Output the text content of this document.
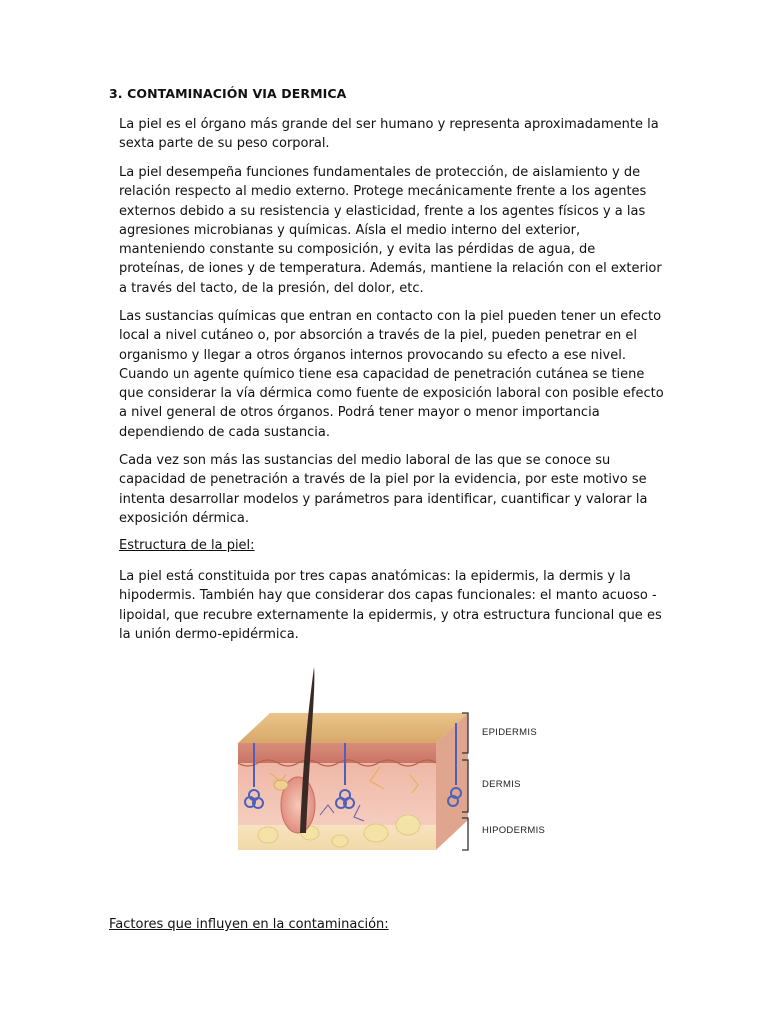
3. CONTAMINACIÓN VIA DERMICA

La piel es el órgano más grande del ser humano y representa aproximadamente la sexta parte de su peso corporal.

La piel desempeña funciones fundamentales de protección, de aislamiento y de relación respecto al medio externo. Protege mecánicamente frente a los agentes externos debido a su resistencia y elasticidad, frente a los agentes físicos y a las agresiones microbianas y químicas. Aísla el medio interno del exterior, manteniendo constante su composición, y evita las pérdidas de agua, de proteínas, de iones y de temperatura. Además, mantiene la relación con el exterior a través del tacto, de la presión, del dolor, etc.

Las sustancias químicas que entran en contacto con la piel pueden tener un efecto local a nivel cutáneo o, por absorción a través de la piel, pueden penetrar en el organismo y llegar a otros órganos internos provocando su efecto a ese nivel. Cuando un agente químico tiene esa capacidad de penetración cutánea se tiene que considerar la vía dérmica como fuente de exposición laboral con posible efecto a nivel general de otros órganos. Podrá tener mayor o menor importancia dependiendo de cada sustancia.

Cada vez son más las sustancias del medio laboral de las que se conoce su capacidad de penetración a través de la piel por la evidencia, por este motivo se intenta desarrollar modelos y parámetros para identificar, cuantificar y valorar la exposición dérmica.

Estructura de la piel:

La piel está constituida por tres capas anatómicas: la epidermis, la dermis y la hipodermis. También hay que considerar dos capas funcionales: el manto acuoso - lipoidal, que recubre externamente la epidermis, y otra estructura funcional que es la unión dermo-epidérmica.

EPIDERMIS
DERMIS
HIPODERMIS
Factores que influyen en la contaminación:
